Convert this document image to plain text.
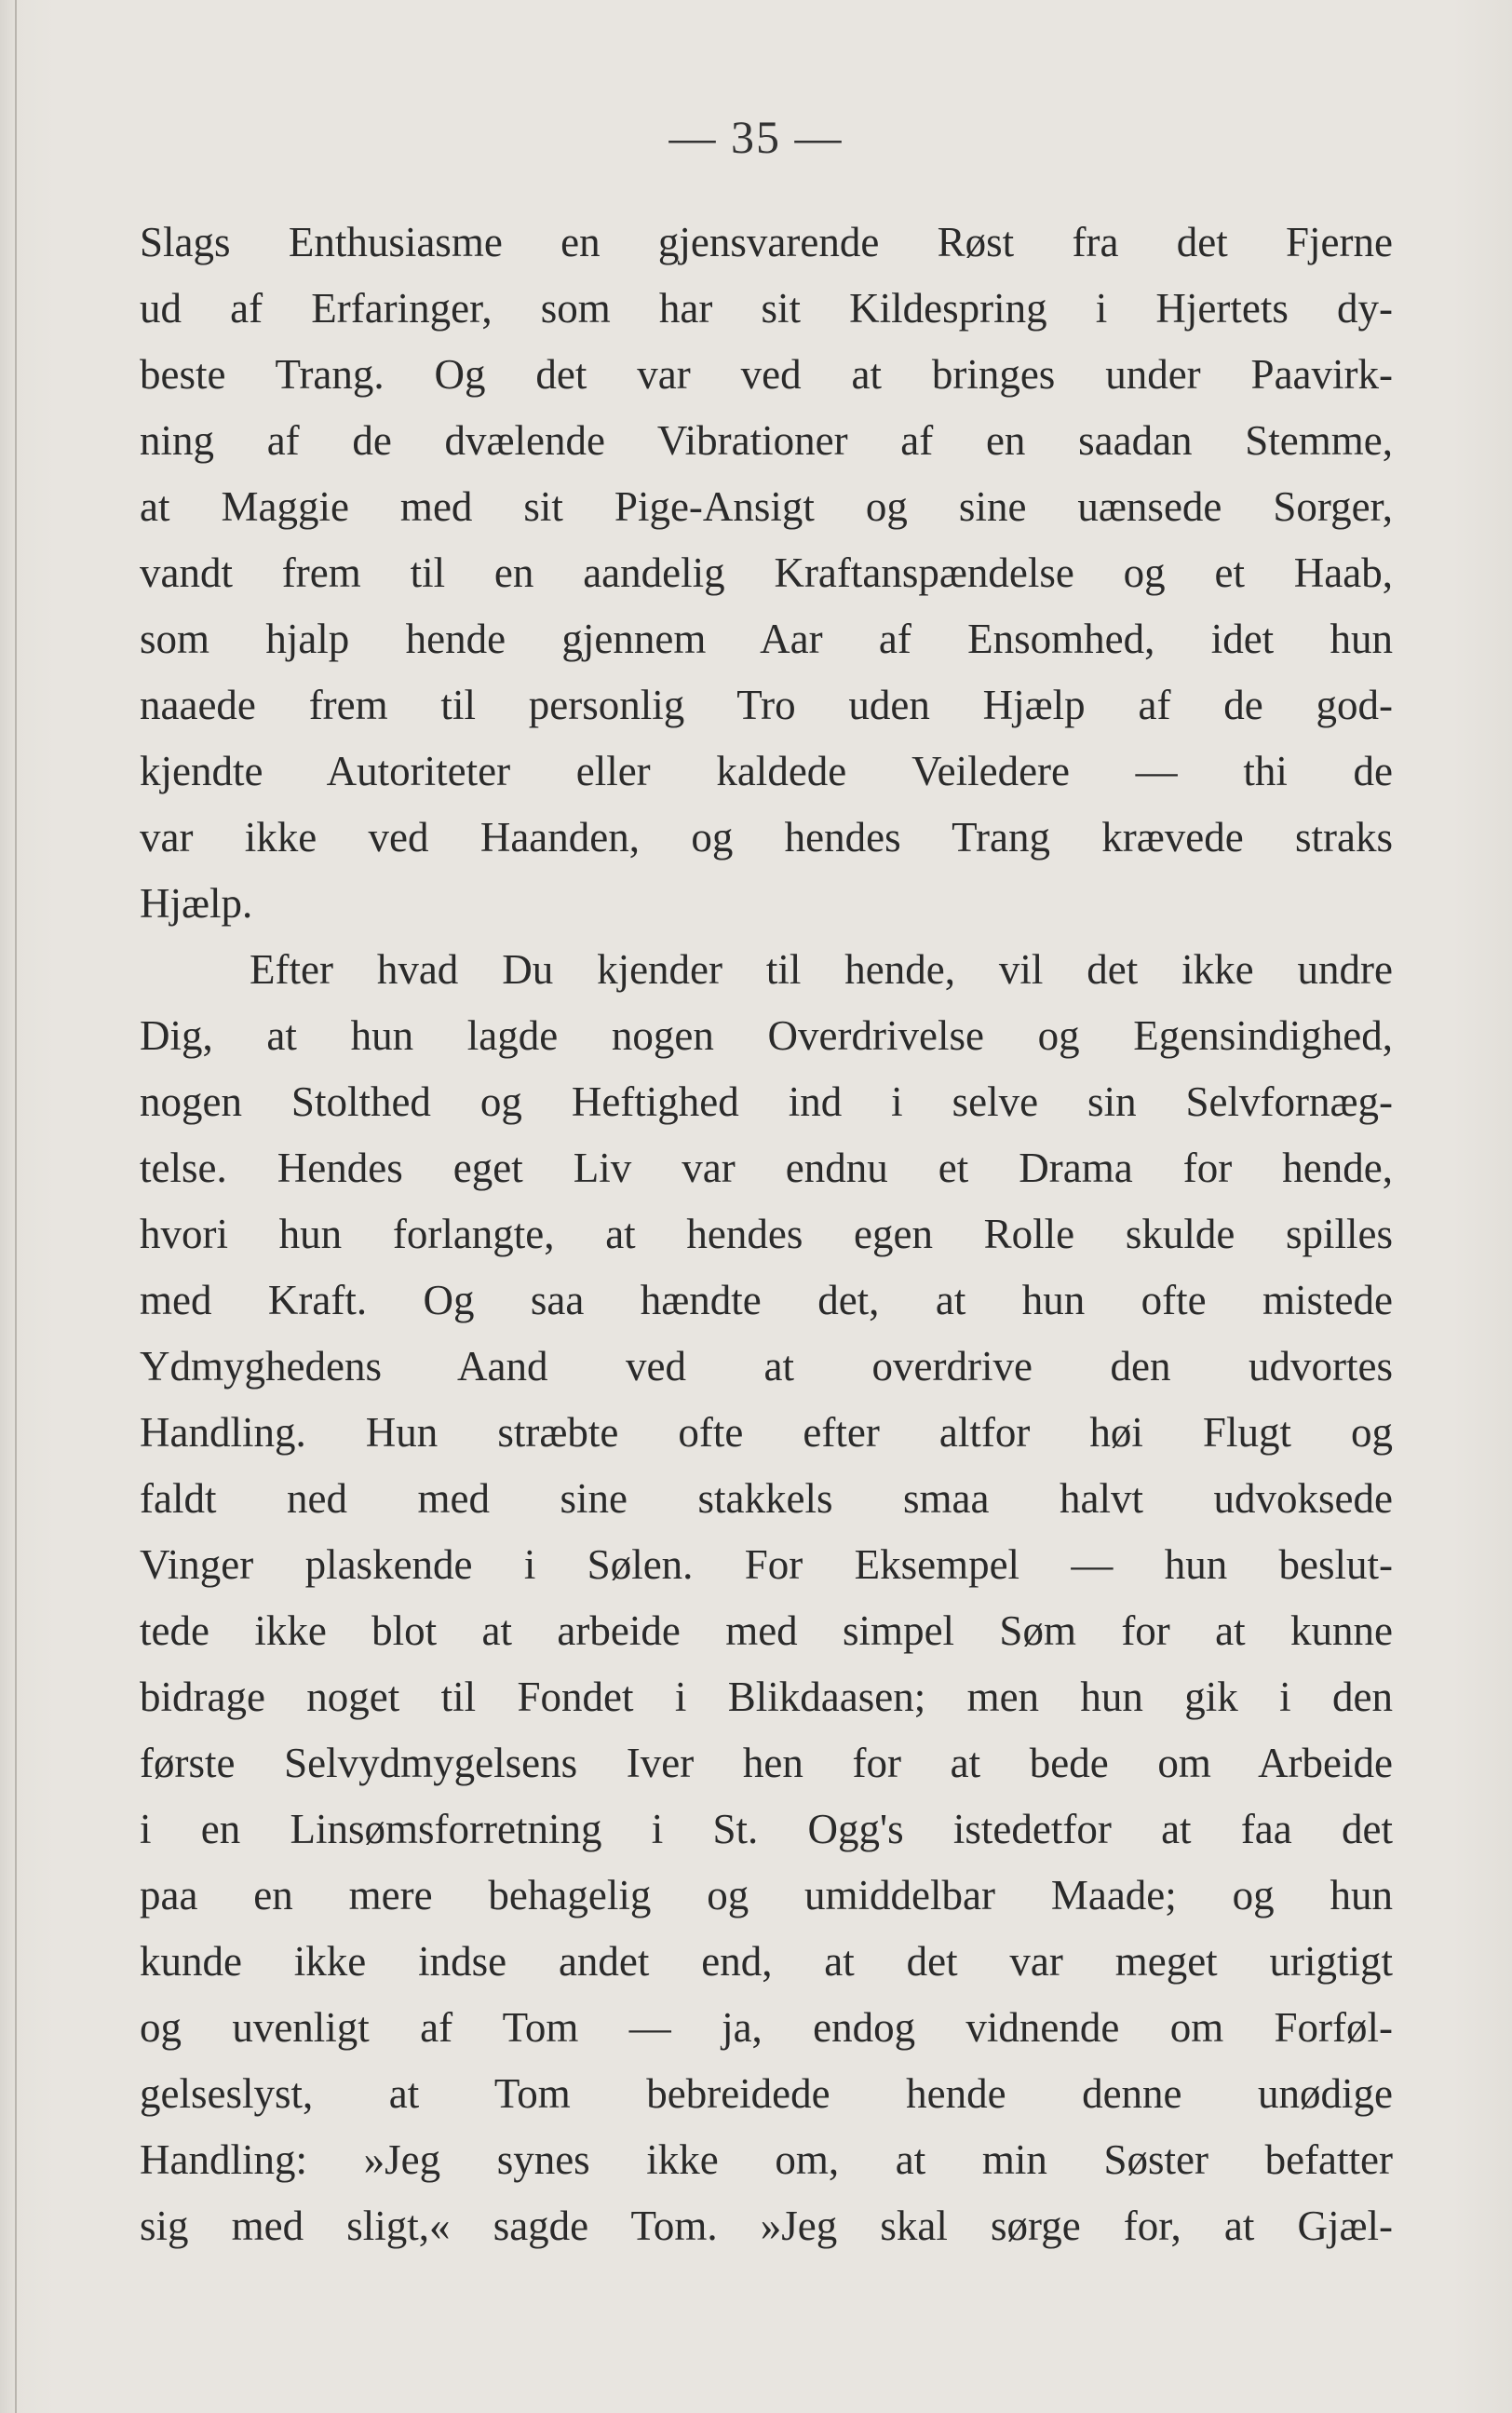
— 35 —
Slags Enthusiasme en gjensvarende Røst fra det Fjerne
ud af Erfaringer, som har sit Kildespring i Hjertets dy-
beste Trang. Og det var ved at bringes under Paavirk-
ning af de dvælende Vibrationer af en saadan Stemme,
at Maggie med sit Pige-Ansigt og sine uænsede Sorger,
vandt frem til en aandelig Kraftanspændelse og et Haab,
som hjalp hende gjennem Aar af Ensomhed, idet hun
naaede frem til personlig Tro uden Hjælp af de god-
kjendte Autoriteter eller kaldede Veiledere — thi de
var ikke ved Haanden, og hendes Trang krævede straks
Hjælp.
Efter hvad Du kjender til hende, vil det ikke undre
Dig, at hun lagde nogen Overdrivelse og Egensindighed,
nogen Stolthed og Heftighed ind i selve sin Selvfornæg-
telse. Hendes eget Liv var endnu et Drama for hende,
hvori hun forlangte, at hendes egen Rolle skulde spilles
med Kraft. Og saa hændte det, at hun ofte mistede
Ydmyghedens Aand ved at overdrive den udvortes
Handling. Hun stræbte ofte efter altfor høi Flugt og
faldt ned med sine stakkels smaa halvt udvoksede
Vinger plaskende i Sølen. For Eksempel — hun beslut-
tede ikke blot at arbeide med simpel Søm for at kunne
bidrage noget til Fondet i Blikdaasen; men hun gik i den
første Selvydmygelsens Iver hen for at bede om Arbeide
i en Linsømsforretning i St. Ogg's istedetfor at faa det
paa en mere behagelig og umiddelbar Maade; og hun
kunde ikke indse andet end, at det var meget urigtigt
og uvenligt af Tom — ja, endog vidnende om Forføl-
gelseslyst, at Tom bebreidede hende denne unødige
Handling: »Jeg synes ikke om, at min Søster befatter
sig med sligt,« sagde Tom. »Jeg skal sørge for, at Gjæl-
